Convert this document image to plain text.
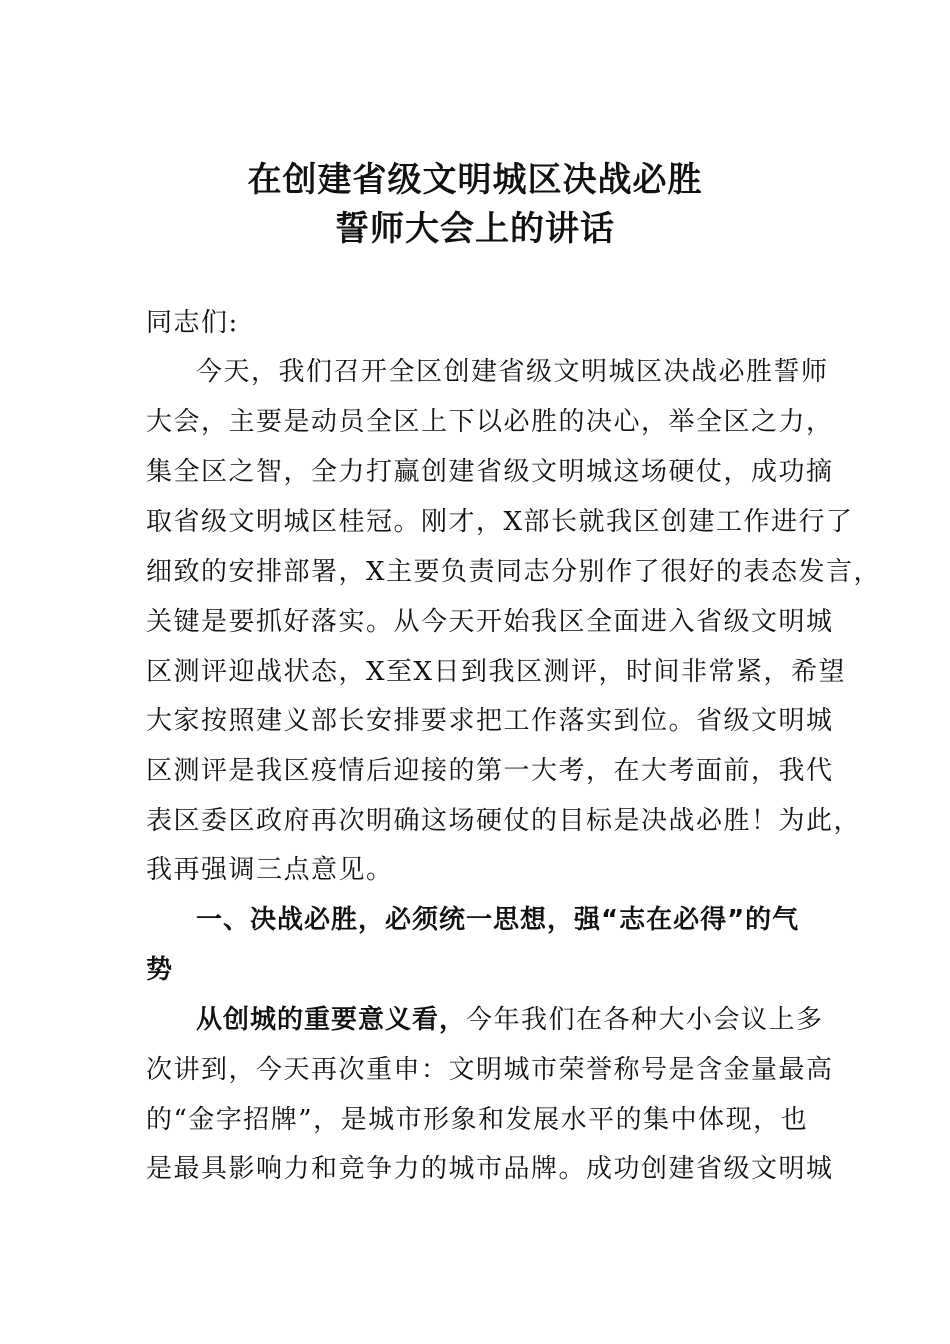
在创建省级文明城区决战必胜
誓师大会上的讲话
同志们:
今天，我们召开全区创建省级文明城区决战必胜誓师
大会，主要是动员全区上下以必胜的决心，举全区之力，
集全区之智，全力打赢创建省级文明城这场硬仗，成功摘
取省级文明城区桂冠。刚才，X部长就我区创建工作进行了
细致的安排部署，X主要负责同志分别作了很好的表态发言，
关键是要抓好落实。从今天开始我区全面进入省级文明城
区测评迎战状态，X至X日到我区测评，时间非常紧，希望
大家按照建义部长安排要求把工作落实到位。省级文明城
区测评是我区疫情后迎接的第一大考，在大考面前，我代
表区委区政府再次明确这场硬仗的目标是决战必胜！为此，
我再强调三点意见。
一、决战必胜，必须统一思想，强“志在必得”的气
势
从创城的重要意义看，今年我们在各种大小会议上多
次讲到，今天再次重申：文明城市荣誉称号是含金量最高
的“金字招牌”，是城市形象和发展水平的集中体现，也
是最具影响力和竞争力的城市品牌。成功创建省级文明城
